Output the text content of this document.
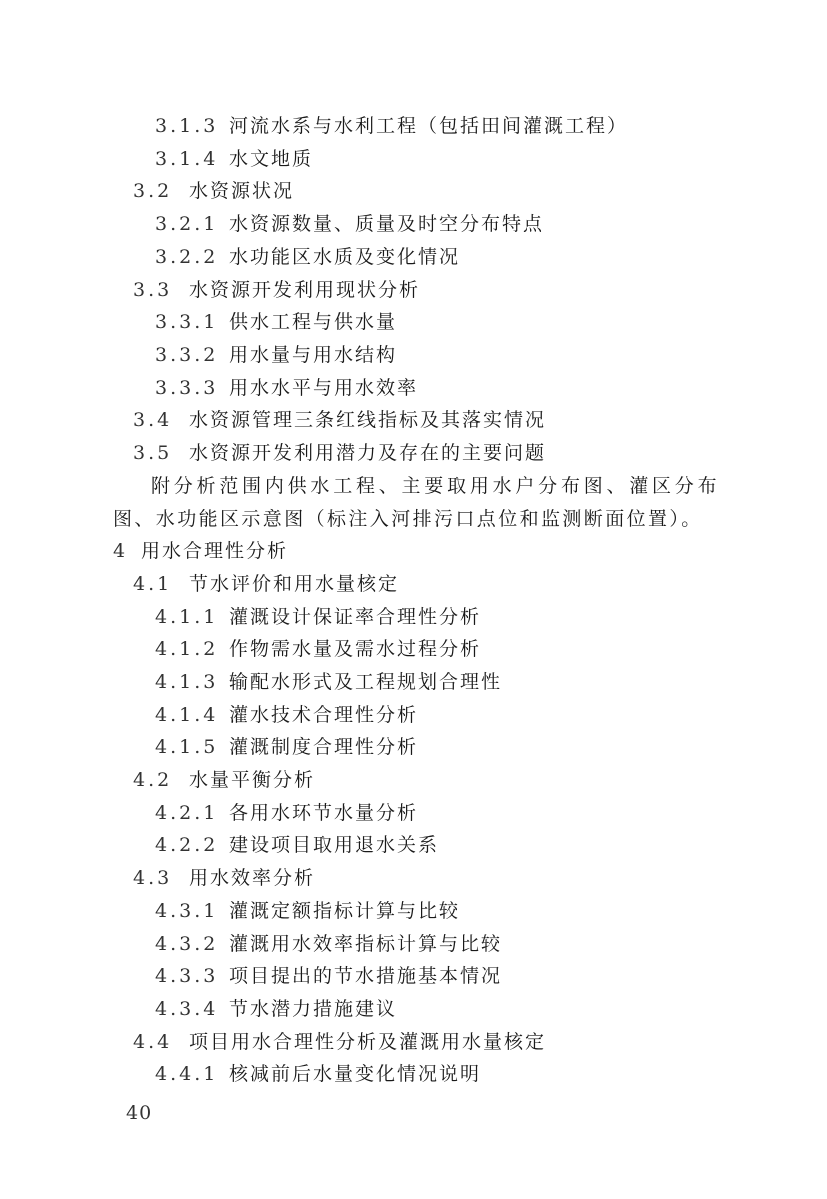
3.1.3 河流水系与水利工程（包括田间灌溉工程）
3.1.4 水文地质
3.2 水资源状况
3.2.1 水资源数量、质量及时空分布特点
3.2.2 水功能区水质及变化情况
3.3 水资源开发利用现状分析
3.3.1 供水工程与供水量
3.3.2 用水量与用水结构
3.3.3 用水水平与用水效率
3.4 水资源管理三条红线指标及其落实情况
3.5 水资源开发利用潜力及存在的主要问题
附分析范围内供水工程、主要取用水户分布图、灌区分布图、水功能区示意图（标注入河排污口点位和监测断面位置）。
4 用水合理性分析
4.1 节水评价和用水量核定
4.1.1 灌溉设计保证率合理性分析
4.1.2 作物需水量及需水过程分析
4.1.3 输配水形式及工程规划合理性
4.1.4 灌水技术合理性分析
4.1.5 灌溉制度合理性分析
4.2 水量平衡分析
4.2.1 各用水环节水量分析
4.2.2 建设项目取用退水关系
4.3 用水效率分析
4.3.1 灌溉定额指标计算与比较
4.3.2 灌溉用水效率指标计算与比较
4.3.3 项目提出的节水措施基本情况
4.3.4 节水潜力措施建议
4.4 项目用水合理性分析及灌溉用水量核定
4.4.1 核减前后水量变化情况说明
40
